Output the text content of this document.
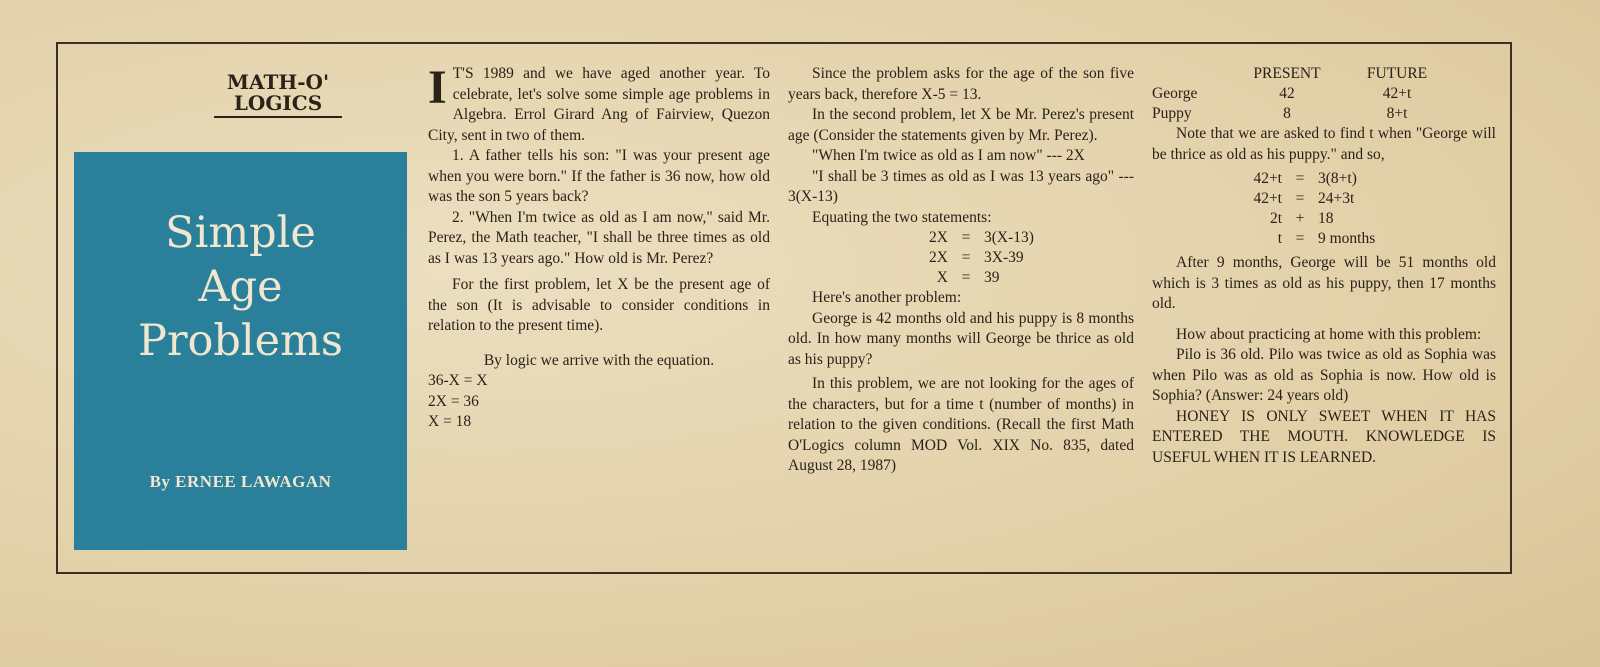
MATH-O'
LOGICS
Simple
Age
Problems
By ERNEE LAWAGAN

I T'S 1989 and we have aged another year. To celebrate, let's solve some simple age problems in Algebra. Errol Girard Ang of Fairview, Quezon City, sent in two of them.

1. A father tells his son: "I was your present age when you were born." If the father is 36 now, how old was the son 5 years back?

2. "When I'm twice as old as I am now," said Mr. Perez, the Math teacher, "I shall be three times as old as I was 13 years ago." How old is Mr. Perez?

For the first problem, let X be the present age of the son (It is advisable to consider conditions in relation to the present time).

By logic we arrive with the equation.

36-X = X

2X = 36

X = 18

Since the problem asks for the age of the son five years back, therefore X-5 = 13.

In the second problem, let X be Mr. Perez's present age (Consider the statements given by Mr. Perez).

"When I'm twice as old as I am now" --- 2X

"I shall be 3 times as old as I was 13 years ago" --- 3(X-13)

Equating the two statements:

2X	=	3(X-13)
2X	=	3X-39
X	=	39

Here's another problem:

George is 42 months old and his puppy is 8 months old. In how many months will George be thrice as old as his puppy?

In this problem, we are not looking for the ages of the characters, but for a time t (number of months) in relation to the given conditions. (Recall the first Math O'Logics column MOD Vol. XIX No. 835, dated August 28, 1987)

	PRESENT	FUTURE
George	42	42+t
Puppy	8	8+t

Note that we are asked to find t when "George will be thrice as old as his puppy." and so,

42+t	=	3(8+t)
42+t	=	24+3t
2t	+	18
t	=	9 months

After 9 months, George will be 51 months old which is 3 times as old as his puppy, then 17 months old.

How about practicing at home with this problem:

Pilo is 36 old. Pilo was twice as old as Sophia was when Pilo was as old as Sophia is now. How old is Sophia? (Answer: 24 years old)

HONEY IS ONLY SWEET WHEN IT HAS ENTERED THE MOUTH. KNOWLEDGE IS USEFUL WHEN IT IS LEARNED.
